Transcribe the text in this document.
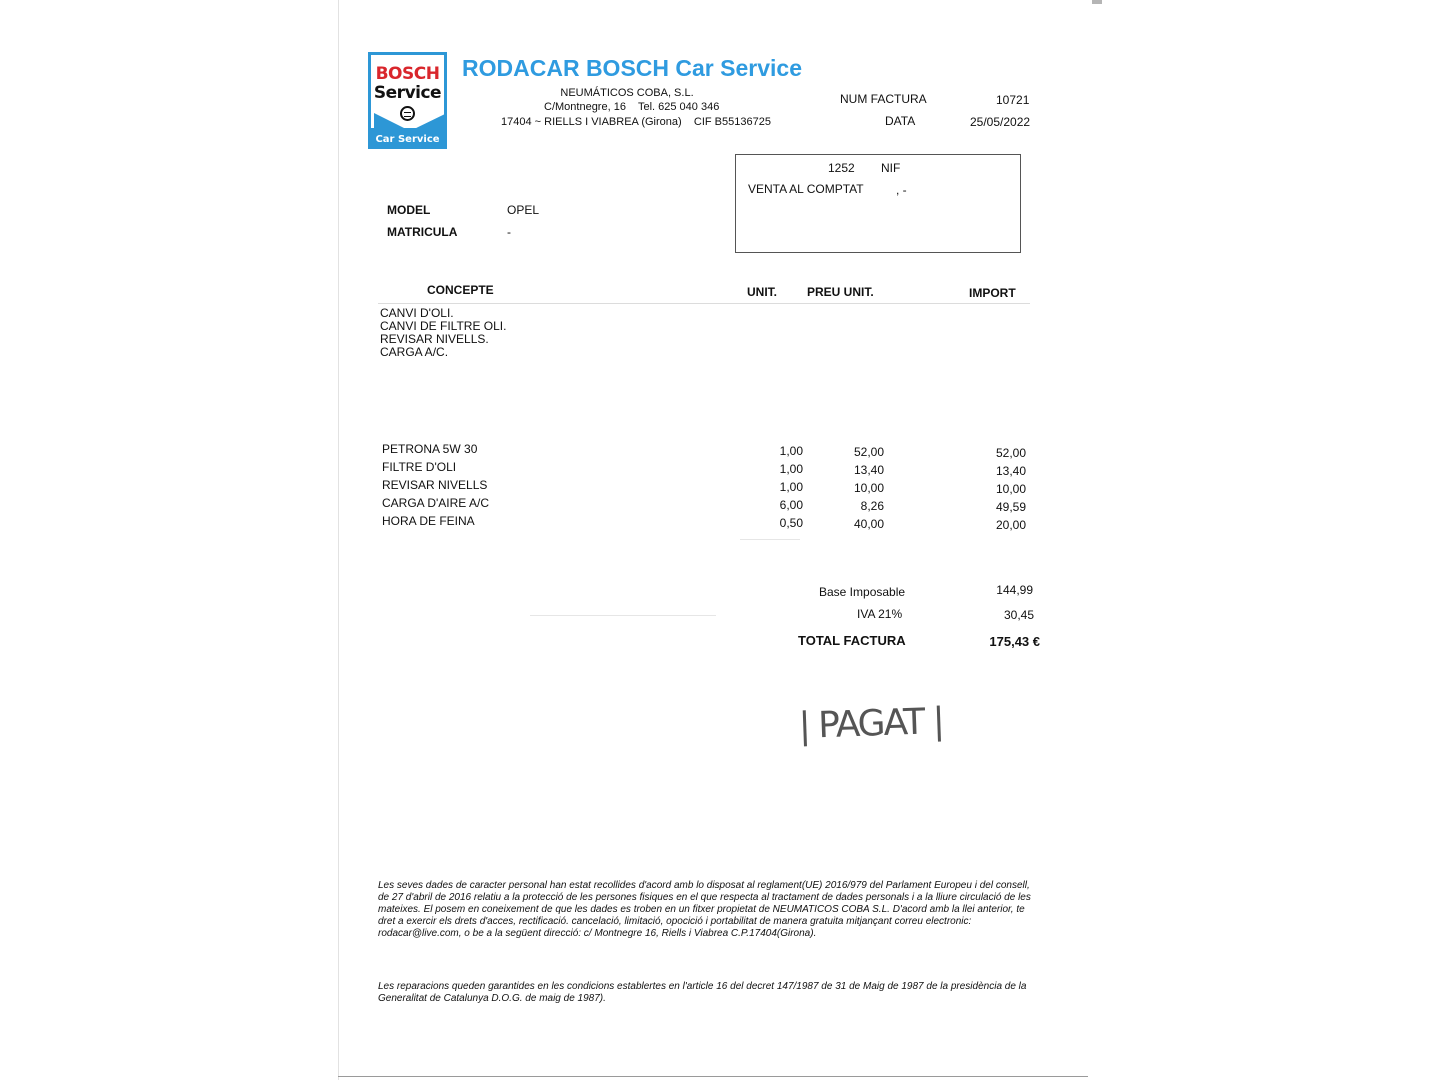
BOSCH
Service
Car Service
RODACAR BOSCH Car Service
NEUMÁTICOS COBA, S.L.
C/Montnegre, 16    Tel. 625 040 346
17404 ~ RIELLS I VIABREA (Girona)    CIF B55136725
NUM FACTURA	10721
DATA	25/05/2022
1252 NIF
VENTA AL COMPTAT	, -
MODEL	OPEL
MATRICULA	-
CONCEPTE	UNIT.	PREU UNIT.	IMPORT
CANVI D'OLI.
CANVI DE FILTRE OLI.
REVISAR NIVELLS.
CARGA A/C.
PETRONA 5W 30	1,00	52,00	52,00
FILTRE D'OLI	1,00	13,40	13,40
REVISAR NIVELLS	1,00	10,00	10,00
CARGA D'AIRE A/C	6,00	8,26	49,59
HORA DE FEINA	0,50	40,00	20,00
Base Imposable	144,99
IVA 21%	30,45
TOTAL FACTURA	175,43 €
| PAGAT |
Les seves dades de caracter personal han estat recollides d'acord amb lo disposat al reglament(UE) 2016/979 del Parlament Europeu i del consell, de 27 d'abril de 2016 relatiu a la protecció de les persones fisiques en el que respecta al tractament de dades personals i a la lliure circulació de les mateixes. El posem en coneixement de que les dades es troben en un fitxer propietat de NEUMATICOS COBA S.L. D'acord amb la llei anterior, te dret a exercir els drets d'acces, rectificació. cancelació, limitació, opocició i portabilitat de manera gratuita mitjançant correu electronic: rodacar@live.com, o be a la següent direcció: c/ Montnegre 16, Riells i Viabrea C.P.17404(Girona).
Les reparacions queden garantides en les condicions establertes en l'article 16 del decret 147/1987 de 31 de Maig de 1987 de la presidència de la Generalitat de Catalunya D.O.G. de maig de 1987).
